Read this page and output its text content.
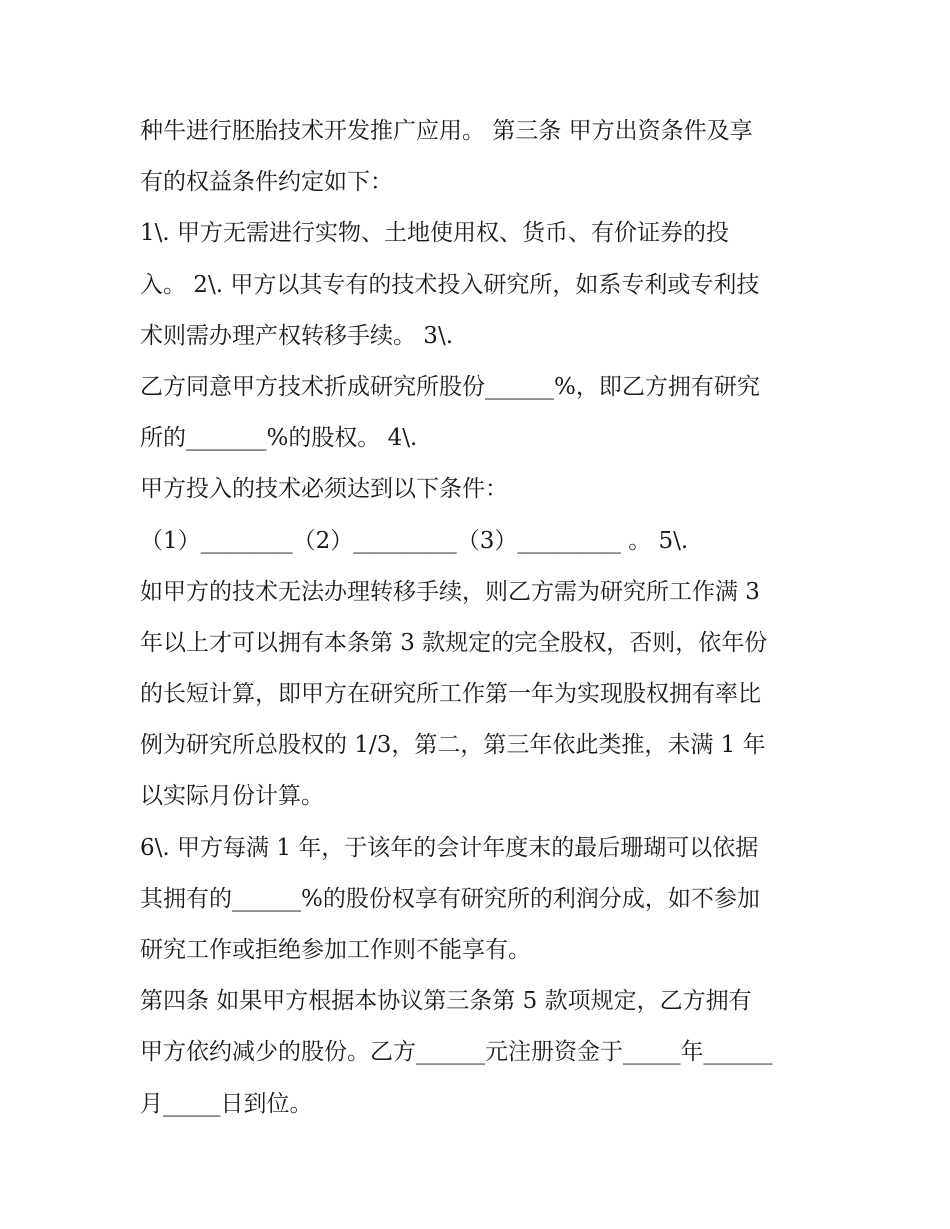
种牛进行胚胎技术开发推广应用。 第三条 甲方出资条件及享
有的权益条件约定如下：
1\. 甲方无需进行实物、土地使用权、货币、有价证券的投
入。 2\. 甲方以其专有的技术投入研究所，如系专利或专利技
术则需办理产权转移手续。 3\.
乙方同意甲方技术折成研究所股份______%，即乙方拥有研究
所的_______%的股权。 4\.
甲方投入的技术必须达到以下条件：
（1）________（2）_________（3）_________ 。 5\.
如甲方的技术无法办理转移手续，则乙方需为研究所工作满 3
年以上才可以拥有本条第 3 款规定的完全股权，否则，依年份
的长短计算，即甲方在研究所工作第一年为实现股权拥有率比
例为研究所总股权的 1/3，第二，第三年依此类推，未满 1 年
以实际月份计算。
6\. 甲方每满 1 年，于该年的会计年度末的最后珊瑚可以依据
其拥有的______%的股份权享有研究所的利润分成，如不参加
研究工作或拒绝参加工作则不能享有。
第四条 如果甲方根据本协议第三条第 5 款项规定，乙方拥有
甲方依约减少的股份。乙方______元注册资金于_____年______
月_____日到位。
